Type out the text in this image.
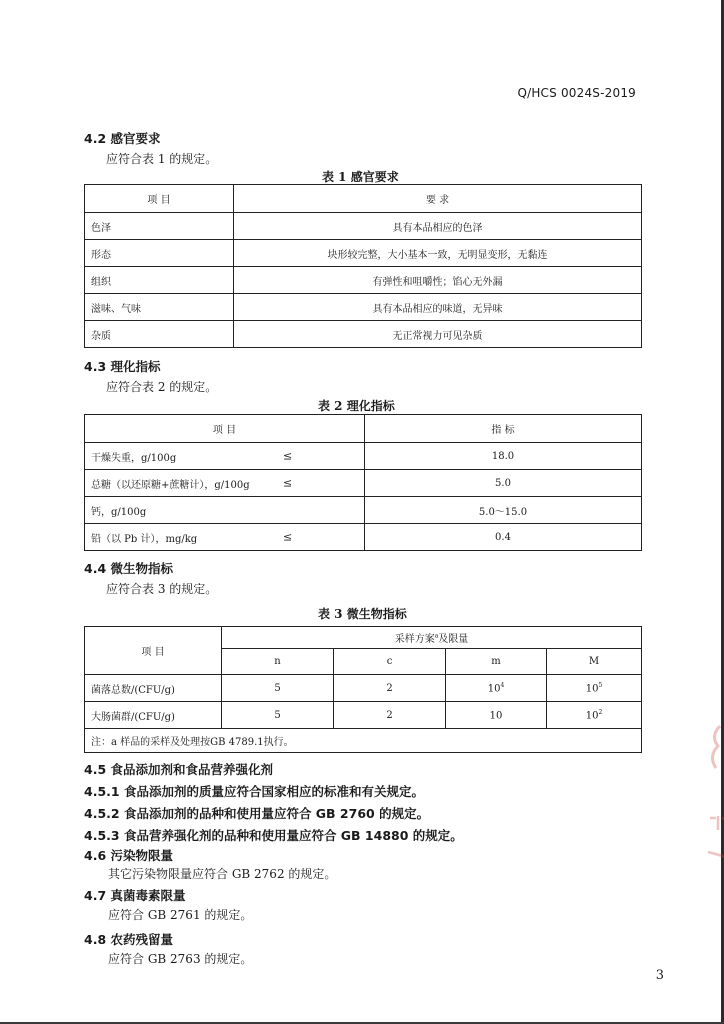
Q/HCS 0024S-2019
4.2 感官要求
应符合表 1 的规定。
表 1 感官要求
项 目	要 求
色泽	具有本品相应的色泽
形态	块形较完整，大小基本一致，无明显变形，无黏连
组织	有弹性和咀嚼性；馅心无外漏
滋味、气味	具有本品相应的味道，无异味
杂质	无正常视力可见杂质
4.3 理化指标
应符合表 2 的规定。
表 2 理化指标
项 目	指 标
干燥失重，g/100g ≤	18.0
总糖（以还原糖+蔗糖计），g/100g ≤	5.0
钙，g/100g	5.0～15.0
铅（以 Pb 计），mg/kg ≤	0.4
4.4 微生物指标
应符合表 3 的规定。
表 3 微生物指标
项 目	采样方案$^a$及限量			
	n	c	m	M
菌落总数/(CFU/g)	5	2	$10^4$	$10^5$
大肠菌群/(CFU/g)	5	2	10	$10^2$
注：a 样品的采样及处理按GB 4789.1执行。				
4.5 食品添加剂和食品营养强化剂
4.5.1 食品添加剂的质量应符合国家相应的标准和有关规定。
4.5.2 食品添加剂的品种和使用量应符合 GB 2760 的规定。
4.5.3 食品营养强化剂的品种和使用量应符合 GB 14880 的规定。
4.6 污染物限量
其它污染物限量应符合 GB 2762 的规定。
4.7 真菌毒素限量
应符合 GB 2761 的规定。
4.8 农药残留量
应符合 GB 2763 的规定。
3
